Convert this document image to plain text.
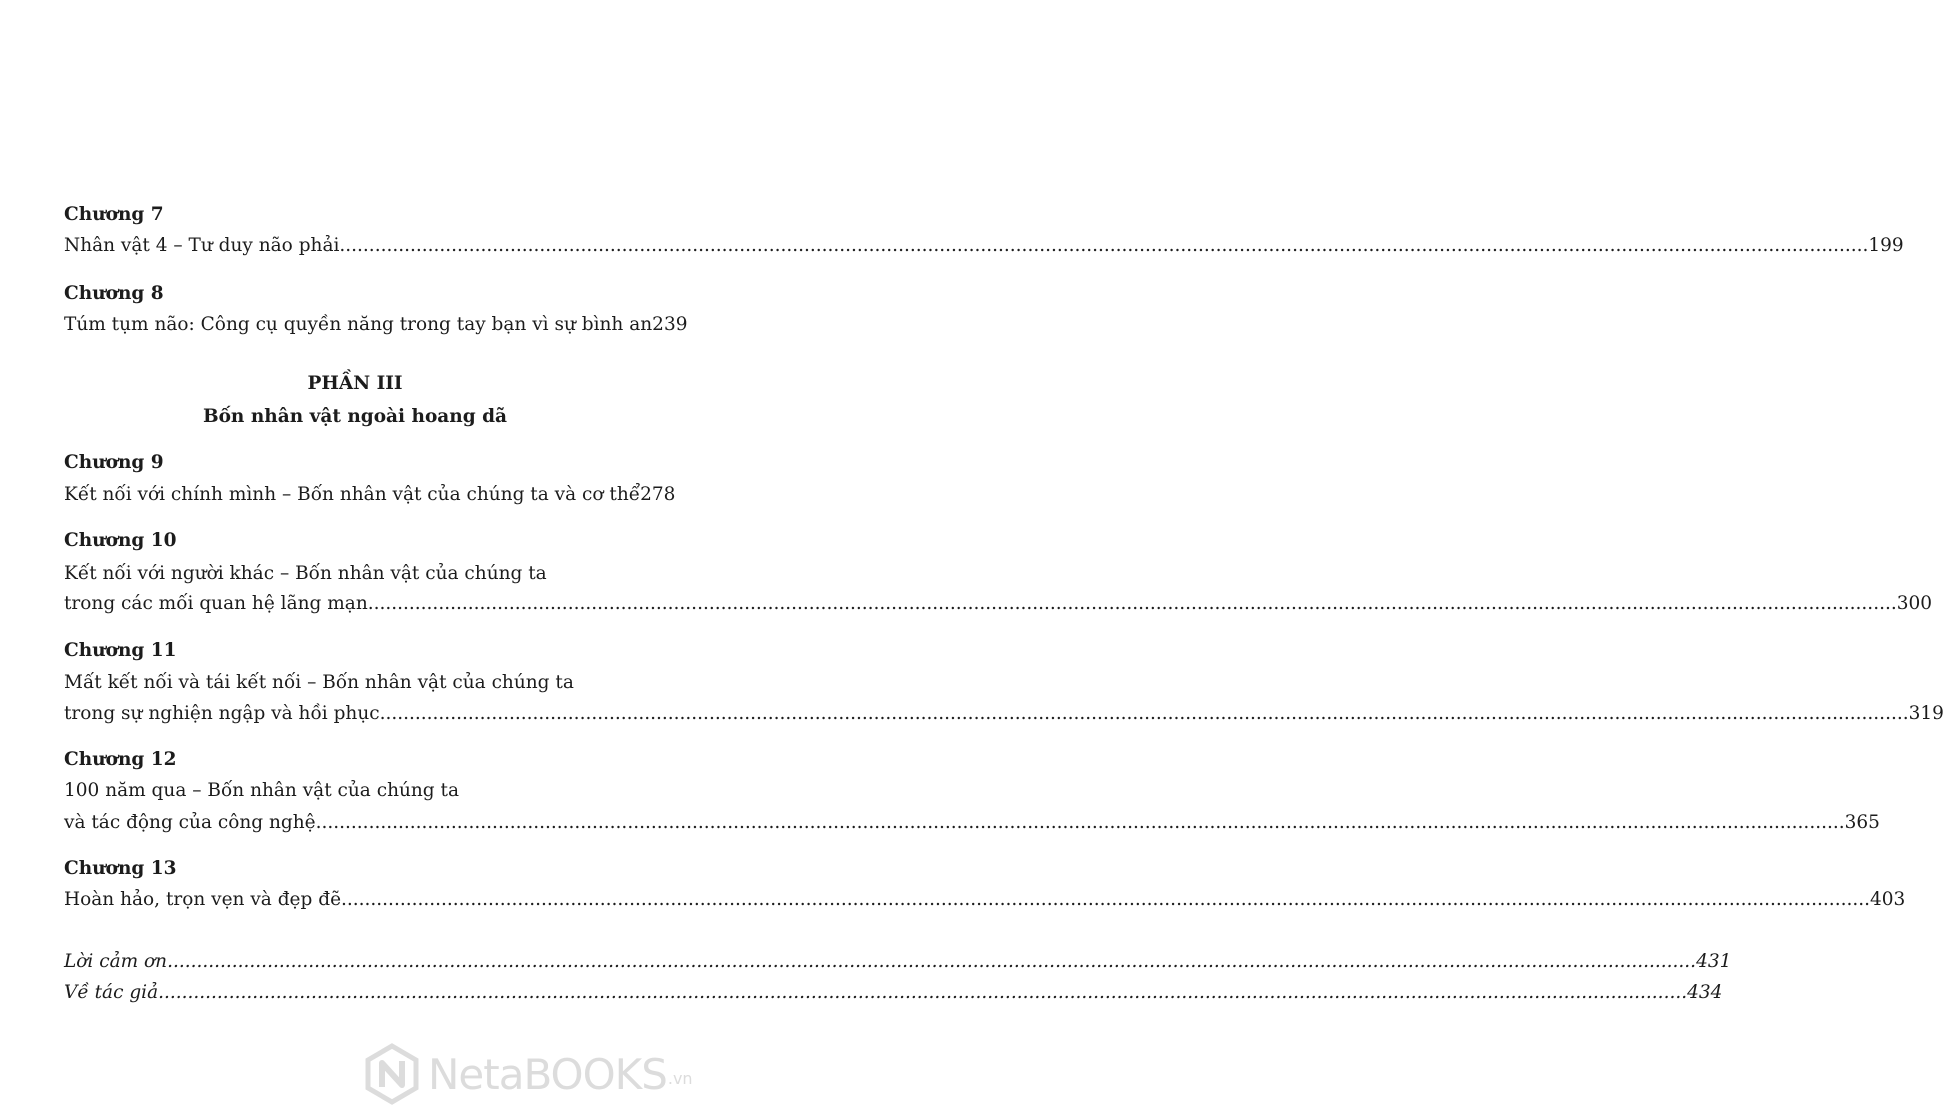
Chương 7
Nhân vật 4 – Tư duy não phải .....	199
Chương 8
Túm tụm não: Công cụ quyền năng trong tay bạn vì sự bình an 239
PHẦN III
Bốn nhân vật ngoài hoang dã
Chương 9
Kết nối với chính mình – Bốn nhân vật của chúng ta và cơ thể 278
Chương 10
Kết nối với người khác – Bốn nhân vật của chúng ta
trong các mối quan hệ lãng mạn .....	300
Chương 11
Mất kết nối và tái kết nối – Bốn nhân vật của chúng ta
trong sự nghiện ngập và hồi phục .....	319
Chương 12
100 năm qua – Bốn nhân vật của chúng ta
và tác động của công nghệ .....	365
Chương 13
Hoàn hảo, trọn vẹn và đẹp đẽ .....	403
Lời cảm ơn .....	431
Về tác giả .....	434
NetaBOOKS .vn
